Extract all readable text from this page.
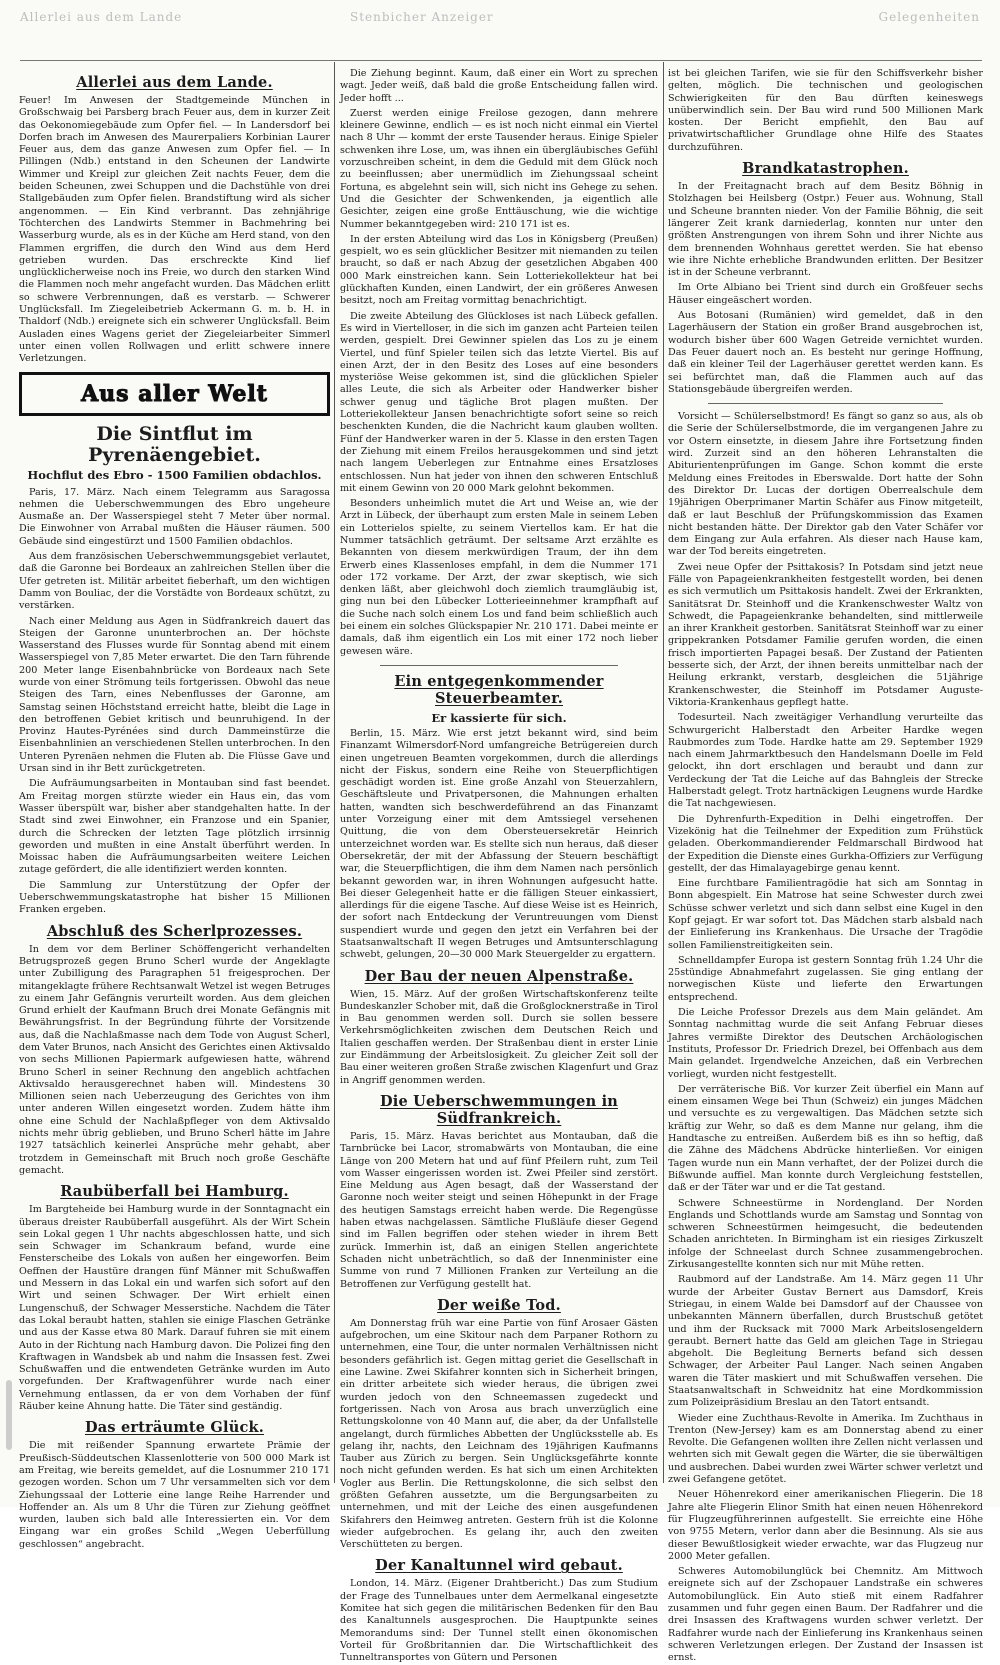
Allerlei aus dem Lande	Stenbicher Anzeiger	Gelegenheiten
Allerlei aus dem Lande.

Feuer! Im Anwesen der Stadtgemeinde München in Großschwaig bei Parsberg brach Feuer aus, dem in kurzer Zeit das Oekonomiegebäude zum Opfer fiel. — In Landersdorf bei Dorfen brach im Anwesen des Maurerpaliers Korbinian Laurer Feuer aus, dem das ganze Anwesen zum Opfer fiel. — In Pillingen (Ndb.) entstand in den Scheunen der Landwirte Wimmer und Kreipl zur gleichen Zeit nachts Feuer, dem die beiden Scheunen, zwei Schuppen und die Dachstühle von drei Stallgebäuden zum Opfer fielen. Brandstiftung wird als sicher angenommen. — Ein Kind verbrannt. Das zehnjährige Töchterchen des Landwirts Stemmer in Bachmehring bei Wasserburg wurde, als es in der Küche am Herd stand, von den Flammen ergriffen, die durch den Wind aus dem Herd getrieben wurden. Das erschreckte Kind lief unglücklicherweise noch ins Freie, wo durch den starken Wind die Flammen noch mehr angefacht wurden. Das Mädchen erlitt so schwere Verbrennungen, daß es verstarb. — Schwerer Unglücksfall. Im Ziegeleibetrieb Ackermann G. m. b. H. in Thaldorf (Ndb.) ereignete sich ein schwerer Unglücksfall. Beim Ausladen eines Wagens geriet der Ziegeleiarbeiter Simmerl unter einen vollen Rollwagen und erlitt schwere innere Verletzungen.

Aus aller Welt
Die Sintflut im Pyrenäengebiet.
Hochflut des Ebro - 1500 Familien obdachlos.

Paris, 17. März. Nach einem Telegramm aus Saragossa nehmen die Ueberschwemmungen des Ebro ungeheure Ausmaße an. Der Wasserspiegel steht 7 Meter über normal. Die Einwohner von Arrabal mußten die Häuser räumen. 500 Gebäude sind eingestürzt und 1500 Familien obdachlos.

Aus dem französischen Ueberschwemmungsgebiet verlautet, daß die Garonne bei Bordeaux an zahlreichen Stellen über die Ufer getreten ist. Militär arbeitet fieberhaft, um den wichtigen Damm von Bouliac, der die Vorstädte von Bordeaux schützt, zu verstärken.

Nach einer Meldung aus Agen in Südfrankreich dauert das Steigen der Garonne ununterbrochen an. Der höchste Wasserstand des Flusses wurde für Sonntag abend mit einem Wasserspiegel von 7,85 Meter erwartet. Die den Tarn führende 200 Meter lange Eisenbahnbrücke von Bordeaux nach Sete wurde von einer Strömung teils fortgerissen. Obwohl das neue Steigen des Tarn, eines Nebenflusses der Garonne, am Samstag seinen Höchststand erreicht hatte, bleibt die Lage in den betroffenen Gebiet kritisch und beunruhigend. In der Provinz Hautes-Pyrénées sind durch Dammeinstürze die Eisenbahnlinien an verschiedenen Stellen unterbrochen. In den Unteren Pyrenäen nehmen die Fluten ab. Die Flüsse Gave und Ursan sind in ihr Bett zurückgetreten.

Die Aufräumungsarbeiten in Montauban sind fast beendet. Am Freitag morgen stürzte wieder ein Haus ein, das vom Wasser überspült war, bisher aber standgehalten hatte. In der Stadt sind zwei Einwohner, ein Franzose und ein Spanier, durch die Schrecken der letzten Tage plötzlich irrsinnig geworden und mußten in eine Anstalt überführt werden. In Moissac haben die Aufräumungsarbeiten weitere Leichen zutage gefördert, die alle identifiziert werden konnten.

Die Sammlung zur Unterstützung der Opfer der Ueberschwemmungskatastrophe hat bisher 15 Millionen Franken ergeben.

Abschluß des Scherlprozesses.

In dem vor dem Berliner Schöffengericht verhandelten Betrugsprozeß gegen Bruno Scherl wurde der Angeklagte unter Zubilligung des Paragraphen 51 freigesprochen. Der mitangeklagte frühere Rechtsanwalt Wetzel ist wegen Betruges zu einem Jahr Gefängnis verurteilt worden. Aus dem gleichen Grund erhielt der Kaufmann Bruch drei Monate Gefängnis mit Bewährungsfrist. In der Begründung führte der Vorsitzende aus, daß die Nachlaßmasse nach dem Tode von August Scherl, dem Vater Brunos, nach Ansicht des Gerichtes einen Aktivsaldo von sechs Millionen Papiermark aufgewiesen hatte, während Bruno Scherl in seiner Rechnung den angeblich achtfachen Aktivsaldo herausgerechnet haben will. Mindestens 30 Millionen seien nach Ueberzeugung des Gerichtes von ihm unter anderen Willen eingesetzt worden. Zudem hätte ihm ohne eine Schuld der Nachlaßpfleger von dem Aktivsaldo nichts mehr übrig geblieben, und Bruno Scherl hätte im Jahre 1927 tatsächlich keinerlei Ansprüche mehr gehabt, aber trotzdem in Gemeinschaft mit Bruch noch große Geschäfte gemacht.

Raubüberfall bei Hamburg.

Im Bargteheide bei Hamburg wurde in der Sonntagnacht ein überaus dreister Raubüberfall ausgeführt. Als der Wirt Schein sein Lokal gegen 1 Uhr nachts abgeschlossen hatte, und sich sein Schwager im Schankraum befand, wurde eine Fensterscheibe des Lokals von außen her eingeworfen. Beim Oeffnen der Haustüre drangen fünf Männer mit Schußwaffen und Messern in das Lokal ein und warfen sich sofort auf den Wirt und seinen Schwager. Der Wirt erhielt einen Lungenschuß, der Schwager Messerstiche. Nachdem die Täter das Lokal beraubt hatten, stahlen sie einige Flaschen Getränke und aus der Kasse etwa 80 Mark. Darauf fuhren sie mit einem Auto in der Richtung nach Hamburg davon. Die Polizei fing den Kraftwagen in Wandsbek ab und nahm die Insassen fest. Zwei Schußwaffen und die entwendeten Getränke wurden im Auto vorgefunden. Der Kraftwagenführer wurde nach einer Vernehmung entlassen, da er von dem Vorhaben der fünf Räuber keine Ahnung hatte. Die Täter sind geständig.

Das erträumte Glück.

Die mit reißender Spannung erwartete Prämie der Preußisch-Süddeutschen Klassenlotterie von 500 000 Mark ist am Freitag, wie bereits gemeldet, auf die Losnummer 210 171 gezogen worden. Schon um 7 Uhr versammelten sich vor dem Ziehungssaal der Lotterie eine lange Reihe Harrender und Hoffender an. Als um 8 Uhr die Türen zur Ziehung geöffnet wurden, lauben sich bald alle Interessierten ein. Vor dem Eingang war ein großes Schild „Wegen Ueberfüllung geschlossen“ angebracht.

Die Ziehung beginnt. Kaum, daß einer ein Wort zu sprechen wagt. Jeder weiß, daß bald die große Entscheidung fallen wird. Jeder hofft ...

Zuerst werden einige Freilose gezogen, dann mehrere kleinere Gewinne, endlich — es ist noch nicht einmal ein Viertel nach 8 Uhr — kommt der erste Tausender heraus. Einige Spieler schwenken ihre Lose, um, was ihnen ein übergläubisches Gefühl vorzuschreiben scheint, in dem die Geduld mit dem Glück noch zu beeinflussen; aber unermüdlich im Ziehungssaal scheint Fortuna, es abgelehnt sein will, sich nicht ins Gehege zu sehen. Und die Gesichter der Schwenkenden, ja eigentlich alle Gesichter, zeigen eine große Enttäuschung, wie die wichtige Nummer bekanntgegeben wird: 210 171 ist es.

In der ersten Abteilung wird das Los in Königsberg (Preußen) gespielt, wo es sein glücklicher Besitzer mit niemanden zu teilen braucht, so daß er nach Abzug der gesetzlichen Abgaben 400 000 Mark einstreichen kann. Sein Lotteriekollekteur hat bei glückhaften Kunden, einen Landwirt, der ein größeres Anwesen besitzt, noch am Freitag vormittag benachrichtigt.

Die zweite Abteilung des Glückloses ist nach Lübeck gefallen. Es wird in Viertelloser, in die sich im ganzen acht Parteien teilen werden, gespielt. Drei Gewinner spielen das Los zu je einem Viertel, und fünf Spieler teilen sich das letzte Viertel. Bis auf einen Arzt, der in den Besitz des Loses auf eine besonders mysteriöse Weise gekommen ist, sind die glücklichen Spieler alles Leute, die sich als Arbeiter oder Handwerker bisher schwer genug und tägliche Brot plagen mußten. Der Lotteriekollekteur Jansen benachrichtigte sofort seine so reich beschenkten Kunden, die die Nachricht kaum glauben wollten. Fünf der Handwerker waren in der 5. Klasse in den ersten Tagen der Ziehung mit einem Freilos herausgekommen und sind jetzt nach langem Ueberlegen zur Entnahme eines Ersatzloses entschlossen. Nun hat jeder von ihnen den schweren Entschluß mit einem Gewinn von 20 000 Mark gelohnt bekommen.

Besonders unheimlich mutet die Art und Weise an, wie der Arzt in Lübeck, der überhaupt zum ersten Male in seinem Leben ein Lotterielos spielte, zu seinem Viertellos kam. Er hat die Nummer tatsächlich geträumt. Der seltsame Arzt erzählte es Bekannten von diesem merkwürdigen Traum, der ihn dem Erwerb eines Klassenloses empfahl, in dem die Nummer 171 oder 172 vorkame. Der Arzt, der zwar skeptisch, wie sich denken läßt, aber gleichwohl doch ziemlich traumgläubig ist, ging nun bei den Lübecker Lotterieeinnehmer krampfhaft auf die Suche nach solch einem Los und fand beim schließlich auch bei einem ein solches Glückspapier Nr. 210 171. Dabei meinte er damals, daß ihm eigentlich ein Los mit einer 172 noch lieber gewesen wäre.

Ein entgegenkommender Steuerbeamter.
Er kassierte für sich.

Berlin, 15. März. Wie erst jetzt bekannt wird, sind beim Finanzamt Wilmersdorf-Nord umfangreiche Betrügereien durch einen ungetreuen Beamten vorgekommen, durch die allerdings nicht der Fiskus, sondern eine Reihe von Steuerpflichtigen geschädigt worden ist. Eine große Anzahl von Steuerzahlern, Geschäftsleute und Privatpersonen, die Mahnungen erhalten hatten, wandten sich beschwerdeführend an das Finanzamt unter Vorzeigung einer mit dem Amtssiegel versehenen Quittung, die von dem Obersteuersekretär Heinrich unterzeichnet worden war. Es stellte sich nun heraus, daß dieser Obersekretär, der mit der Abfassung der Steuern beschäftigt war, die Steuerpflichtigen, die ihm dem Namen nach persönlich bekannt geworden war, in ihren Wohnungen aufgesucht hatte. Bei dieser Gelegenheit hatte er die fälligen Steuer einkassiert, allerdings für die eigene Tasche. Auf diese Weise ist es Heinrich, der sofort nach Entdeckung der Veruntreuungen vom Dienst suspendiert wurde und gegen den jetzt ein Verfahren bei der Staatsanwaltschaft II wegen Betruges und Amtsunterschlagung schwebt, gelungen, 20—30 000 Mark Steuergelder zu ergattern.

Der Bau der neuen Alpenstraße.

Wien, 15. März. Auf der großen Wirtschaftskonferenz teilte Bundeskanzler Schober mit, daß die Großglocknerstraße in Tirol in Bau genommen werden soll. Durch sie sollen bessere Verkehrsmöglichkeiten zwischen dem Deutschen Reich und Italien geschaffen werden. Der Straßenbau dient in erster Linie zur Eindämmung der Arbeitslosigkeit. Zu gleicher Zeit soll der Bau einer weiteren großen Straße zwischen Klagenfurt und Graz in Angriff genommen werden.

Die Ueberschwemmungen in Südfrankreich.

Paris, 15. März. Havas berichtet aus Montauban, daß die Tarnbrücke bei Lacor, stromabwärts von Montauban, die eine Länge von 200 Metern hat und auf fünf Pfeilern ruht, zum Teil vom Wasser eingerissen worden ist. Zwei Pfeiler sind zerstört. Eine Meldung aus Agen besagt, daß der Wasserstand der Garonne noch weiter steigt und seinen Höhepunkt in der Frage des heutigen Samstags erreicht haben werde. Die Regengüsse haben etwas nachgelassen. Sämtliche Flußläufe dieser Gegend sind im Fallen begriffen oder stehen wieder in ihrem Bett zurück. Immerhin ist, daß an einigen Stellen angerichtete Schaden nicht unbeträchtlich, so daß der Innenminister eine Summe von rund 7 Millionen Franken zur Verteilung an die Betroffenen zur Verfügung gestellt hat.

Der weiße Tod.

Am Donnerstag früh war eine Partie von fünf Arosaer Gästen aufgebrochen, um eine Skitour nach dem Parpaner Rothorn zu unternehmen, eine Tour, die unter normalen Verhältnissen nicht besonders gefährlich ist. Gegen mittag geriet die Gesellschaft in eine Lawine. Zwei Skifahrer konnten sich in Sicherheit bringen, ein dritter arbeitete sich wieder heraus, die übrigen zwei wurden jedoch von den Schneemassen zugedeckt und fortgerissen. Nach von Arosa aus brach unverzüglich eine Rettungskolonne von 40 Mann auf, die aber, da der Unfallstelle angelangt, durch fürmliches Abbetten der Unglücksstelle ab. Es gelang ihr, nachts, den Leichnam des 19jährigen Kaufmanns Tauber aus Zürich zu bergen. Sein Unglücksgefährte konnte noch nicht gefunden werden. Es hat sich um einen Architekten Vogler aus Berlin. Die Rettungskolonne, die sich selbst den größten Gefahren aussetzte, um die Bergungsarbeiten zu unternehmen, und mit der Leiche des einen ausgefundenen Skifahrers den Heimweg antreten. Gestern früh ist die Kolonne wieder aufgebrochen. Es gelang ihr, auch den zweiten Verschütteten zu bergen.

Der Kanaltunnel wird gebaut.

London, 14. März. (Eigener Drahtbericht.) Das zum Studium der Frage des Tunnelbaues unter dem Aermelkanal eingesetzte Komitee hat sich gegen die militärischen Bedenken für den Bau des Kanaltunnels ausgesprochen. Die Hauptpunkte seines Memorandums sind: Der Tunnel stellt einen ökonomischen Vorteil für Großbritannien dar. Die Wirtschaftlichkeit des Tunneltransportes von Gütern und Personen

ist bei gleichen Tarifen, wie sie für den Schiffsverkehr bisher gelten, möglich. Die technischen und geologischen Schwierigkeiten für den Bau dürften keineswegs unüberwindlich sein. Der Bau wird rund 500 Millionen Mark kosten. Der Bericht empfiehlt, den Bau auf privatwirtschaftlicher Grundlage ohne Hilfe des Staates durchzuführen.

Brandkatastrophen.

In der Freitagnacht brach auf dem Besitz Böhnig in Stolzhagen bei Heilsberg (Ostpr.) Feuer aus. Wohnung, Stall und Scheune brannten nieder. Von der Familie Böhnig, die seit längerer Zeit krank darniederlag, konnten nur unter den größten Anstrengungen von ihrem Sohn und ihrer Nichte aus dem brennenden Wohnhaus gerettet werden. Sie hat ebenso wie ihre Nichte erhebliche Brandwunden erlitten. Der Besitzer ist in der Scheune verbrannt.

Im Orte Albiano bei Trient sind durch ein Großfeuer sechs Häuser eingeäschert worden.

Aus Botosani (Rumänien) wird gemeldet, daß in den Lagerhäusern der Station ein großer Brand ausgebrochen ist, wodurch bisher über 600 Wagen Getreide vernichtet wurden. Das Feuer dauert noch an. Es besteht nur geringe Hoffnung, daß ein kleiner Teil der Lagerhäuser gerettet werden kann. Es sei befürchtet man, daß die Flammen auch auf das Stationsgebäude übergreifen werden.

Vorsicht — Schülerselbstmord! Es fängt so ganz so aus, als ob die Serie der Schülerselbstmorde, die im vergangenen Jahre zu vor Ostern einsetzte, in diesem Jahre ihre Fortsetzung finden wird. Zurzeit sind an den höheren Lehranstalten die Abiturientenprüfungen im Gange. Schon kommt die erste Meldung eines Freitodes in Eberswalde. Dort hatte der Sohn des Direktor Dr. Lucas der dortigen Oberrealschule dem 19jährigen Oberprimaner Martin Schäfer aus Finow mitgeteilt, daß er laut Beschluß der Prüfungskommission das Examen nicht bestanden hätte. Der Direktor gab den Vater Schäfer vor dem Eingang zur Aula erfahren. Als dieser nach Hause kam, war der Tod bereits eingetreten.

Zwei neue Opfer der Psittakosis? In Potsdam sind jetzt neue Fälle von Papageienkrankheiten festgestellt worden, bei denen es sich vermutlich um Psittakosis handelt. Zwei der Erkrankten, Sanitätsrat Dr. Steinhoff und die Krankenschwester Waltz von Schwedt, die Papageienkranke behandelten, sind mittlerweile an ihrer Krankheit gestorben. Sanitätsrat Steinhoff war zu einer grippekranken Potsdamer Familie gerufen worden, die einen frisch importierten Papagei besaß. Der Zustand der Patienten besserte sich, der Arzt, der ihnen bereits unmittelbar nach der Heilung erkrankt, verstarb, desgleichen die 51jährige Krankenschwester, die Steinhoff im Potsdamer Auguste-Viktoria-Krankenhaus gepflegt hatte.

Todesurteil. Nach zweitägiger Verhandlung verurteilte das Schwurgericht Halberstadt den Arbeiter Hardke wegen Raubmordes zum Tode. Hardke hatte am 29. September 1929 nach einem Jahrmarktbesuch den Handelsmann Doelle im Feld gelockt, ihn dort erschlagen und beraubt und dann zur Verdeckung der Tat die Leiche auf das Bahngleis der Strecke Halberstadt gelegt. Trotz hartnäckigen Leugnens wurde Hardke die Tat nachgewiesen.

Die Dyhrenfurth-Expedition in Delhi eingetroffen. Der Vizekönig hat die Teilnehmer der Expedition zum Frühstück geladen. Oberkommandierender Feldmarschall Birdwood hat der Expedition die Dienste eines Gurkha-Offiziers zur Verfügung gestellt, der das Himalayagebirge genau kennt.

Eine furchtbare Familientragödie hat sich am Sonntag in Bonn abgespielt. Ein Matrose hat seine Schwester durch zwei Schüsse schwer verletzt und sich dann selbst eine Kugel in den Kopf gejagt. Er war sofort tot. Das Mädchen starb alsbald nach der Einlieferung ins Krankenhaus. Die Ursache der Tragödie sollen Familienstreitigkeiten sein.

Schnelldampfer Europa ist gestern Sonntag früh 1.24 Uhr die 25stündige Abnahmefahrt zugelassen. Sie ging entlang der norwegischen Küste und lieferte den Erwartungen entsprechend.

Die Leiche Professor Drezels aus dem Main geländet. Am Sonntag nachmittag wurde die seit Anfang Februar dieses Jahres vermißte Direktor des Deutschen Archäologischen Instituts, Professor Dr. Friedrich Drezel, bei Offenbach aus dem Main gelandet. Irgendwelche Anzeichen, daß ein Verbrechen vorliegt, wurden nicht festgestellt.

Der verräterische Biß. Vor kurzer Zeit überfiel ein Mann auf einem einsamen Wege bei Thun (Schweiz) ein junges Mädchen und versuchte es zu vergewaltigen. Das Mädchen setzte sich kräftig zur Wehr, so daß es dem Manne nur gelang, ihm die Handtasche zu entreißen. Außerdem biß es ihn so heftig, daß die Zähne des Mädchens Abdrücke hinterließen. Vor einigen Tagen wurde nun ein Mann verhaftet, der der Polizei durch die Bißwunde auffiel. Man konnte durch Vergleichung feststellen, daß er der Täter war und er die Tat gestand.

Schwere Schneestürme in Nordengland. Der Norden Englands und Schottlands wurde am Samstag und Sonntag von schweren Schneestürmen heimgesucht, die bedeutenden Schaden anrichteten. In Birmingham ist ein riesiges Zirkuszelt infolge der Schneelast durch Schnee zusammengebrochen. Zirkusangestellte konnten sich nur mit Mühe retten.

Raubmord auf der Landstraße. Am 14. März gegen 11 Uhr wurde der Arbeiter Gustav Bernert aus Damsdorf, Kreis Striegau, in einem Walde bei Damsdorf auf der Chaussee von unbekannten Männern überfallen, durch Brustschuß getötet und ihm der Rucksack mit 7000 Mark Arbeitslosengeldern geraubt. Bernert hatte das Geld am gleichen Tage in Striegau abgeholt. Die Begleitung Bernerts befand sich dessen Schwager, der Arbeiter Paul Langer. Nach seinen Angaben waren die Täter maskiert und mit Schußwaffen versehen. Die Staatsanwaltschaft in Schweidnitz hat eine Mordkommission zum Polizeipräsidium Breslau an den Tatort entsandt.

Wieder eine Zuchthaus-Revolte in Amerika. Im Zuchthaus in Trenton (New-Jersey) kam es am Donnerstag abend zu einer Revolte. Die Gefangenen wollten ihre Zellen nicht verlassen und wehrten sich mit Gewalt gegen die Wärter, die sie überwältigen und ausbrechen. Dabei wurden zwei Wärter schwer verletzt und zwei Gefangene getötet.

Neuer Höhenrekord einer amerikanischen Fliegerin. Die 18 Jahre alte Fliegerin Elinor Smith hat einen neuen Höhenrekord für Flugzeugführerinnen aufgestellt. Sie erreichte eine Höhe von 9755 Metern, verlor dann aber die Besinnung. Als sie aus dieser Bewußtlosigkeit wieder erwachte, war das Flugzeug nur 2000 Meter gefallen.

Schweres Automobilunglück bei Chemnitz. Am Mittwoch ereignete sich auf der Zschopauer Landstraße ein schweres Automobilunglück. Ein Auto stieß mit einem Radfahrer zusammen und fuhr gegen einen Baum. Der Radfahrer und die drei Insassen des Kraftwagens wurden schwer verletzt. Der Radfahrer wurde nach der Einlieferung ins Krankenhaus seinen schweren Verletzungen erlegen. Der Zustand der Insassen ist ernst.
